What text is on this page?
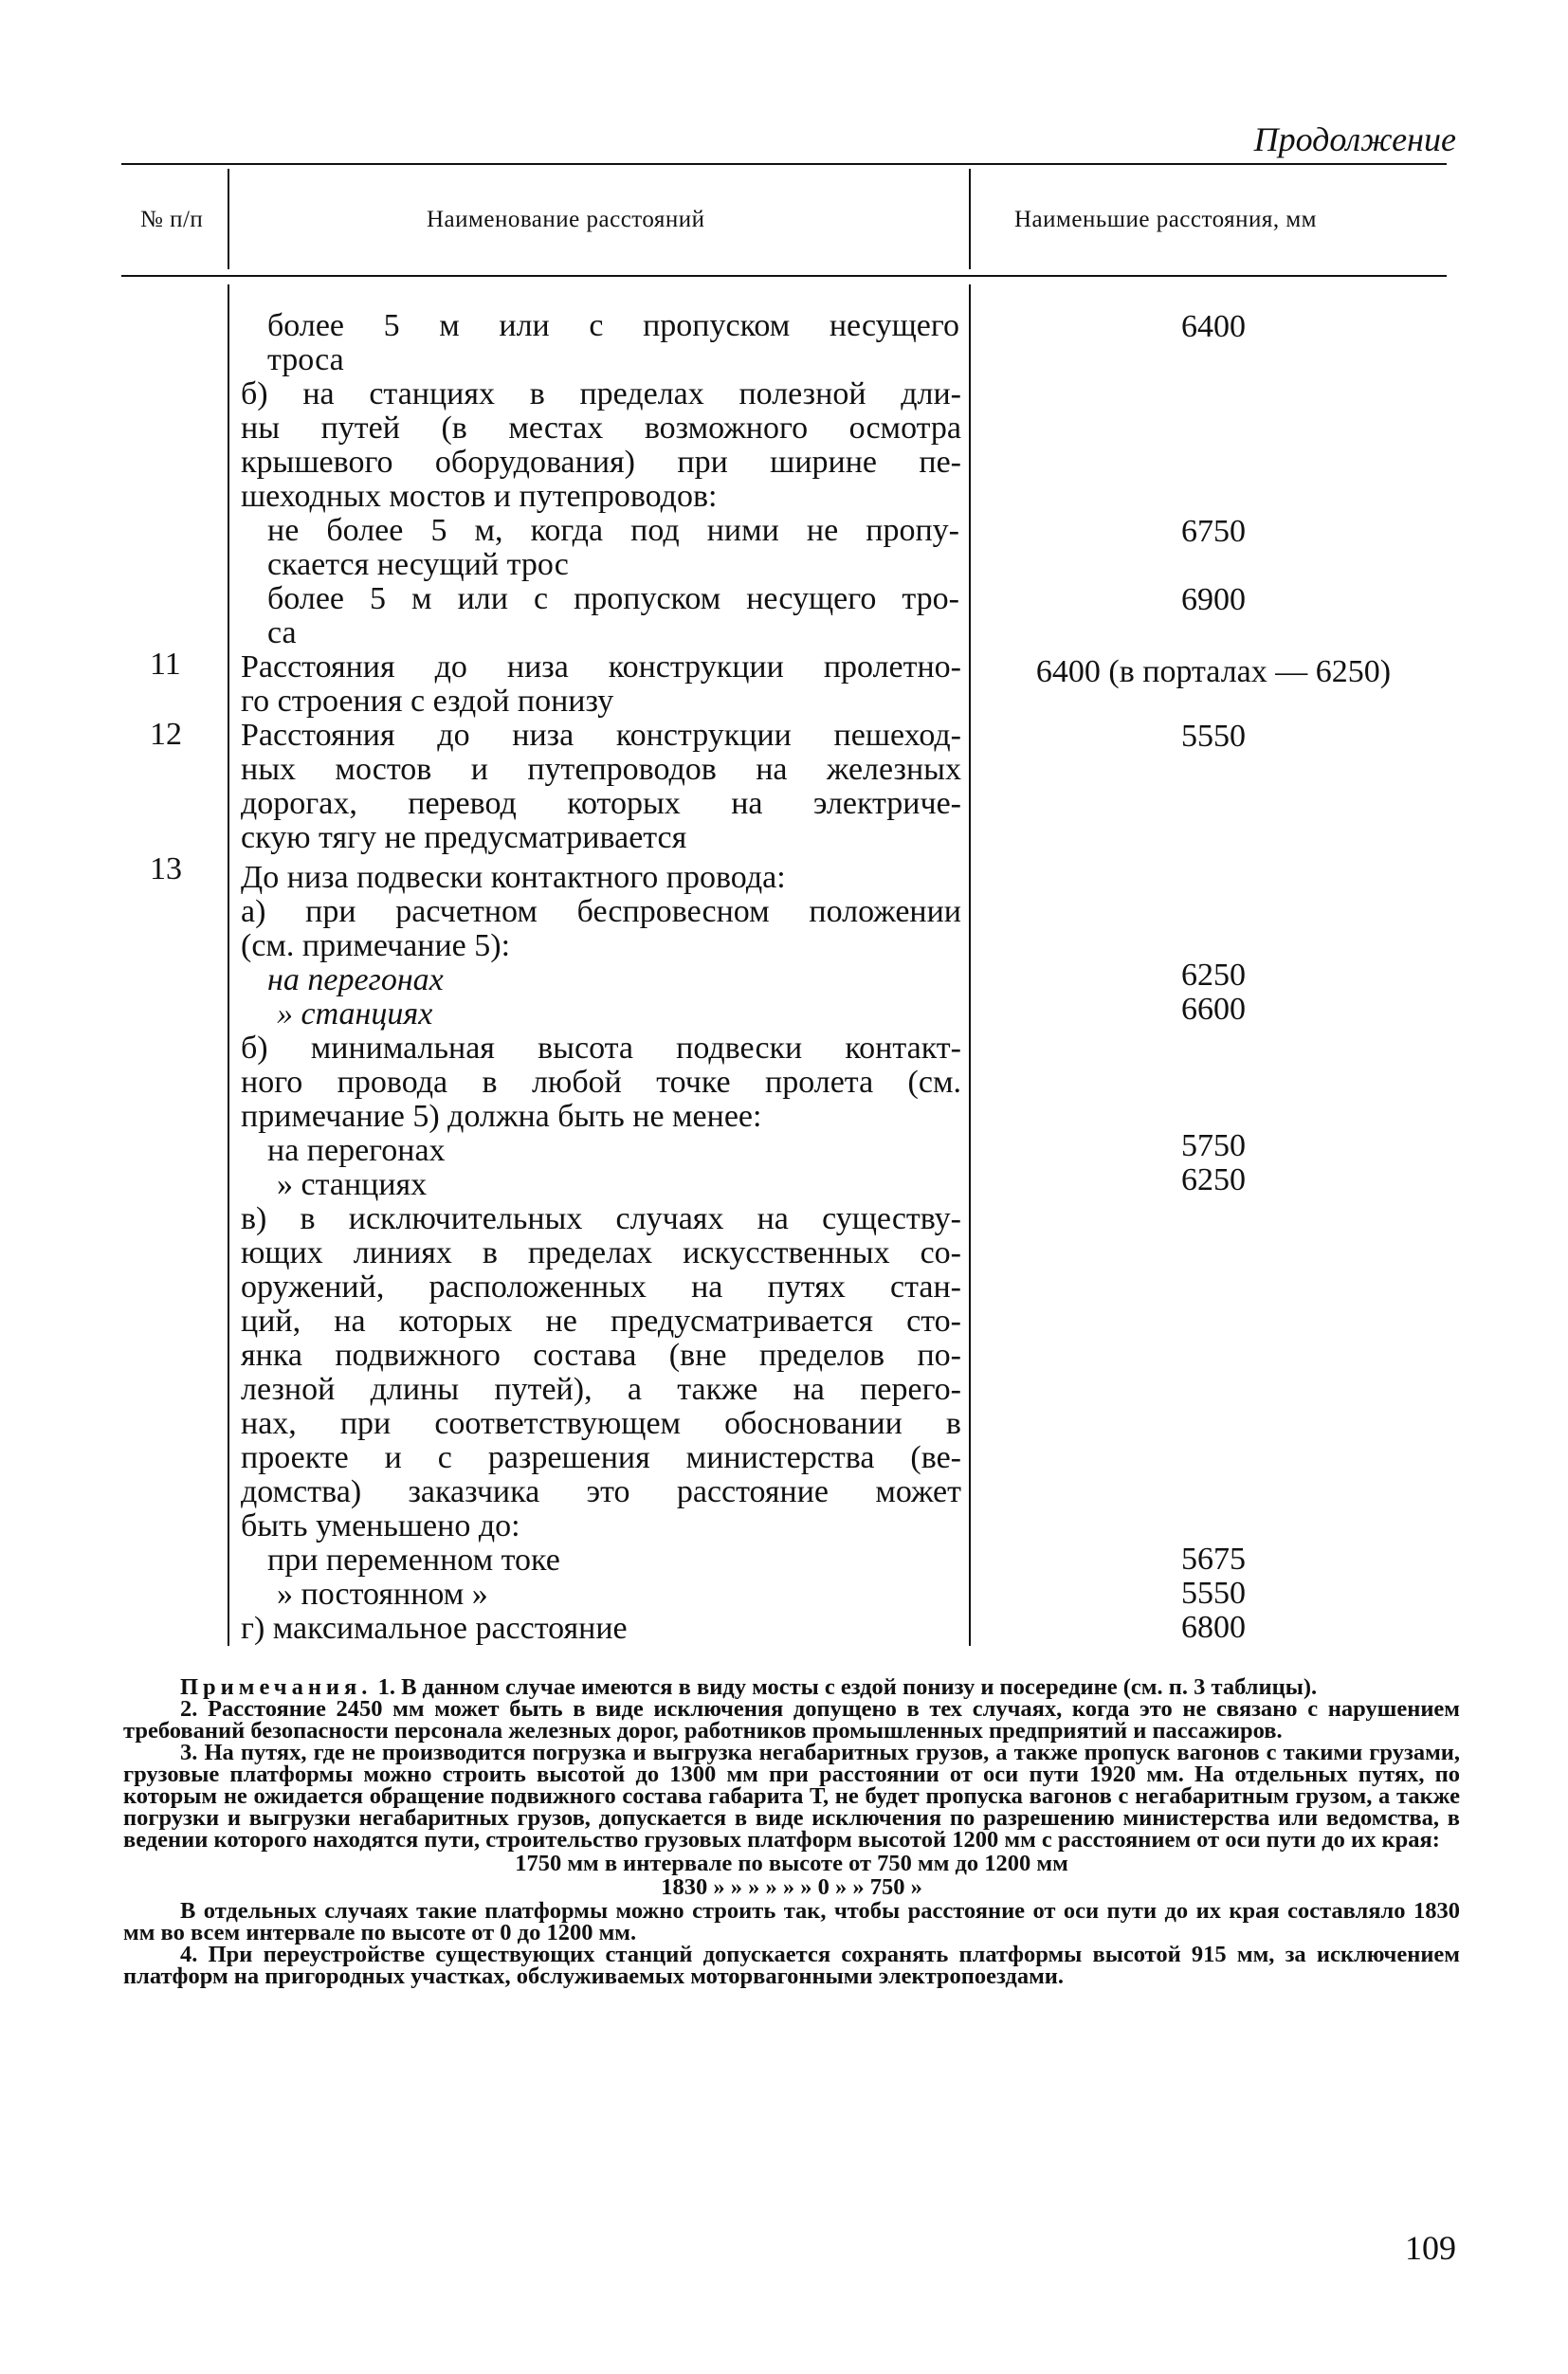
Продолжение
№ п/п	Наименование расстояний	Наименьшие расстояния, мм
11
12
13
более 5 м или с пропуском несущего
троса
б) на станциях в пределах полезной дли-
ны путей (в местах возможного осмотра
крышевого оборудования) при ширине пе-
шеходных мостов и путепроводов:
не более 5 м, когда под ними не пропу-
скается несущий трос
более 5 м или с пропуском несущего тро-
са
Расстояния до низа конструкции пролетно-
го строения с ездой понизу
Расстояния до низа конструкции пешеход-
ных мостов и путепроводов на железных
дорогах, перевод которых на электриче-
скую тягу не предусматривается
До низа подвески контактного провода:
а) при расчетном беспровесном положении
(см. примечание 5):
на перегонах
» станциях
б) минимальная высота подвески контакт-
ного провода в любой точке пролета (см.
примечание 5) должна быть не менее:
на перегонах
» станциях
в) в исключительных случаях на существу-
ющих линиях в пределах искусственных со-
оружений, расположенных на путях стан-
ций, на которых не предусматривается сто-
янка подвижного состава (вне пределов по-
лезной длины путей), а также на перего-
нах, при соответствующем обосновании в
проекте и с разрешения министерства (ве-
домства) заказчика это расстояние может
быть уменьшено до:
при переменном токе
» постоянном »
г) максимальное расстояние
6400
6750
6900
6400 (в порталах — 6250)
5550
6250
6600
5750
6250
5675
5550
6800

Примечания. 1. В данном случае имеются в виду мосты с ездой понизу и посередине (см. п. 3 таблицы).

2. Расстояние 2450 мм может быть в виде исключения допущено в тех случаях, когда это не связано с нарушением требований безопасности персонала железных дорог, работников промышленных предприятий и пассажиров.

3. На путях, где не производится погрузка и выгрузка негабаритных грузов, а также пропуск вагонов с такими грузами, грузовые платформы можно строить высотой до 1300 мм при расстоянии от оси пути 1920 мм. На отдельных путях, по которым не ожидается обращение подвижного состава габарита Т, не будет пропуска вагонов с негабаритным грузом, а также погрузки и выгрузки негабаритных грузов, допускается в виде исключения по разрешению министерства или ведомства, в ведении которого находятся пути, строительство грузовых платформ высотой 1200 мм с расстоянием от оси пути до их края:

1750 мм в интервале по высоте от 750 мм до 1200 мм

1830 » » » » » » 0 » » 750 »

В отдельных случаях такие платформы можно строить так, чтобы расстояние от оси пути до их края составляло 1830 мм во всем интервале по высоте от 0 до 1200 мм.

4. При переустройстве существующих станций допускается сохранять платформы высотой 915 мм, за исключением платформ на пригородных участках, обслуживаемых моторвагонными электропоездами.

109
